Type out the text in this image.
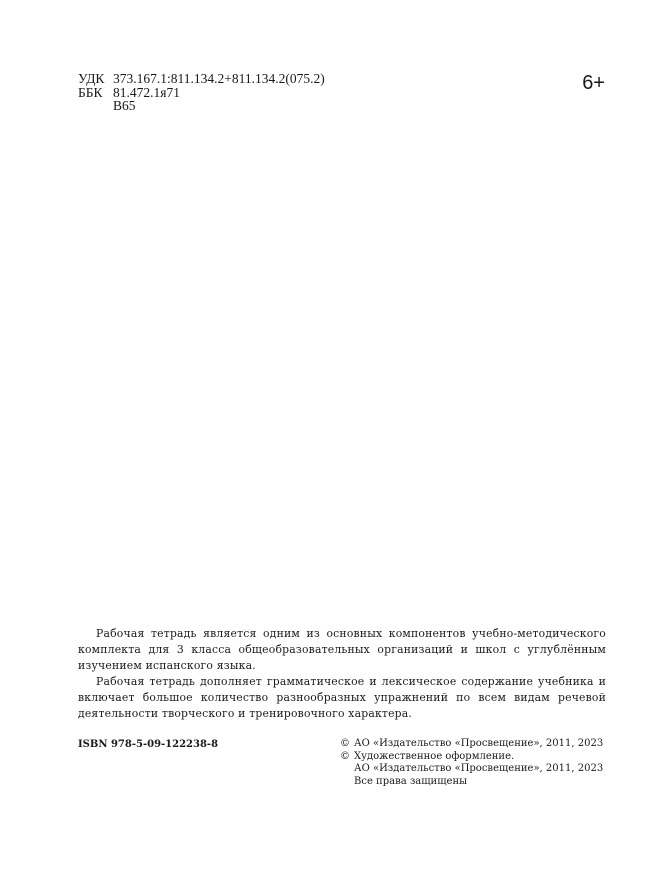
УДК 373.167.1:811.134.2+811.134.2(075.2)
ББК 81.472.1я71
В65
6+

Рабочая тетрадь является одним из основных компонентов учебно-методического комплекта для 3 класса общеобразовательных организаций и школ с углублённым изучением испанского языка.

Рабочая тетрадь дополняет грамматическое и лексическое содержание учебника и включает большое количество разнообразных упражнений по всем видам речевой деятельности творческого и тренировочного характера.

ISBN 978-5-09-122238-8	© АО «Издательство «Просвещение», 2011, 2023
© Художественное оформление.
АО «Издательство «Просвещение», 2011, 2023
Все права защищены
